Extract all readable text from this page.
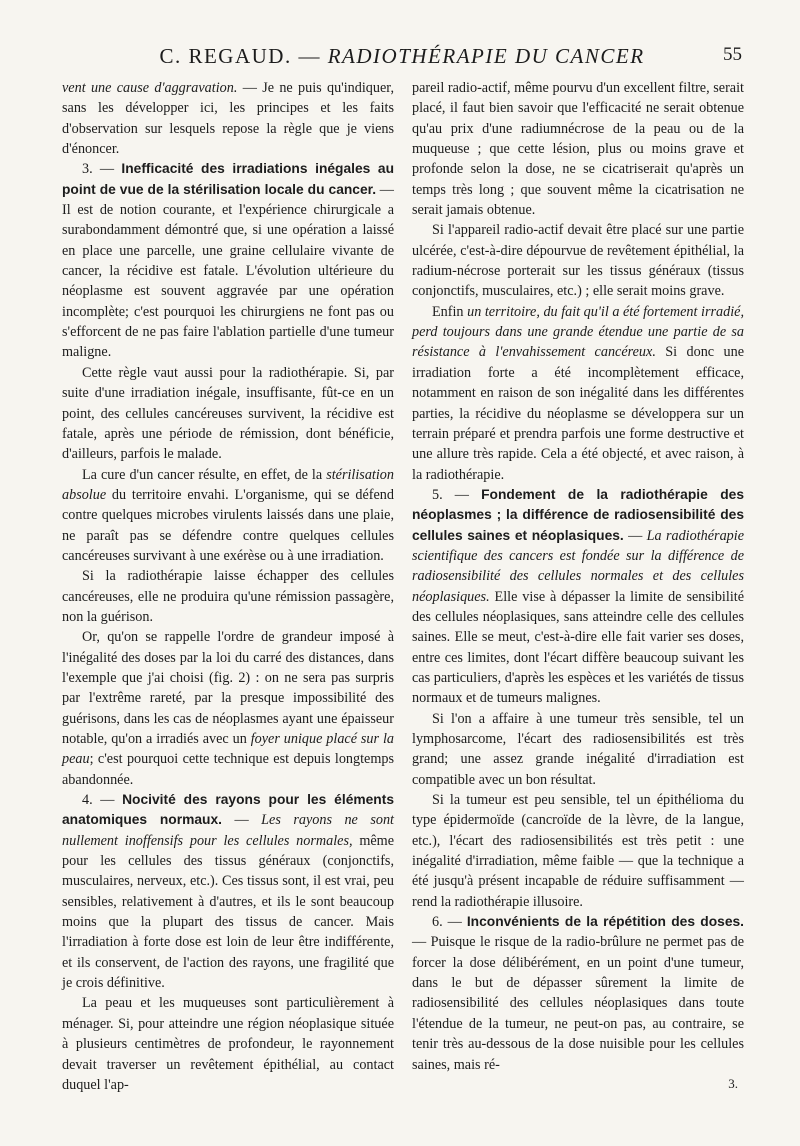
C. REGAUD. — RADIOTHÉRAPIE DU CANCER	55

vent une cause d'aggravation. — Je ne puis qu'indiquer, sans les développer ici, les principes et les faits d'observation sur lesquels repose la règle que je viens d'énoncer.

3. — Inefficacité des irradiations inégales au point de vue de la stérilisation locale du cancer. — Il est de notion courante, et l'expérience chirurgicale a surabondamment démontré que, si une opération a laissé en place une parcelle, une graine cellulaire vivante de cancer, la récidive est fatale. L'évolution ultérieure du néoplasme est souvent aggravée par une opération incomplète; c'est pourquoi les chirurgiens ne font pas ou s'efforcent de ne pas faire l'ablation partielle d'une tumeur maligne.

Cette règle vaut aussi pour la radiothérapie. Si, par suite d'une irradiation inégale, insuffisante, fût-ce en un point, des cellules cancéreuses survivent, la récidive est fatale, après une période de rémission, dont bénéficie, d'ailleurs, parfois le malade.

La cure d'un cancer résulte, en effet, de la stérilisation absolue du territoire envahi. L'organisme, qui se défend contre quelques microbes virulents laissés dans une plaie, ne paraît pas se défendre contre quelques cellules cancéreuses survivant à une exérèse ou à une irradiation.

Si la radiothérapie laisse échapper des cellules cancéreuses, elle ne produira qu'une rémission passagère, non la guérison.

Or, qu'on se rappelle l'ordre de grandeur imposé à l'inégalité des doses par la loi du carré des distances, dans l'exemple que j'ai choisi (fig. 2) : on ne sera pas surpris par l'extrême rareté, par la presque impossibilité des guérisons, dans les cas de néoplasmes ayant une épaisseur notable, qu'on a irradiés avec un foyer unique placé sur la peau; c'est pourquoi cette technique est depuis longtemps abandonnée.

4. — Nocivité des rayons pour les éléments anatomiques normaux. — Les rayons ne sont nullement inoffensifs pour les cellules normales, même pour les cellules des tissus généraux (conjonctifs, musculaires, nerveux, etc.). Ces tissus sont, il est vrai, peu sensibles, relativement à d'autres, et ils le sont beaucoup moins que la plupart des tissus de cancer. Mais l'irradiation à forte dose est loin de leur être indifférente, et ils conservent, de l'action des rayons, une fragilité que je crois définitive.

La peau et les muqueuses sont particulièrement à ménager. Si, pour atteindre une région néoplasique située à plusieurs centimètres de profondeur, le rayonnement devait traverser un revêtement épithélial, au contact duquel l'ap-

pareil radio-actif, même pourvu d'un excellent filtre, serait placé, il faut bien savoir que l'efficacité ne serait obtenue qu'au prix d'une radiumnécrose de la peau ou de la muqueuse ; que cette lésion, plus ou moins grave et profonde selon la dose, ne se cicatriserait qu'après un temps très long ; que souvent même la cicatrisation ne serait jamais obtenue.

Si l'appareil radio-actif devait être placé sur une partie ulcérée, c'est-à-dire dépourvue de revêtement épithélial, la radium-nécrose porterait sur les tissus généraux (tissus conjonctifs, musculaires, etc.) ; elle serait moins grave.

Enfin un territoire, du fait qu'il a été fortement irradié, perd toujours dans une grande étendue une partie de sa résistance à l'envahissement cancéreux. Si donc une irradiation forte a été incomplètement efficace, notamment en raison de son inégalité dans les différentes parties, la récidive du néoplasme se développera sur un terrain préparé et prendra parfois une forme destructive et une allure très rapide. Cela a été objecté, et avec raison, à la radiothérapie.

5. — Fondement de la radiothérapie des néoplasmes ; la différence de radiosensibilité des cellules saines et néoplasiques. — La radiothérapie scientifique des cancers est fondée sur la différence de radiosensibilité des cellules normales et des cellules néoplasiques. Elle vise à dépasser la limite de sensibilité des cellules néoplasiques, sans atteindre celle des cellules saines. Elle se meut, c'est-à-dire elle fait varier ses doses, entre ces limites, dont l'écart diffère beaucoup suivant les cas particuliers, d'après les espèces et les variétés de tissus normaux et de tumeurs malignes.

Si l'on a affaire à une tumeur très sensible, tel un lymphosarcome, l'écart des radiosensibilités est très grand; une assez grande inégalité d'irradiation est compatible avec un bon résultat.

Si la tumeur est peu sensible, tel un épithélioma du type épidermoïde (cancroïde de la lèvre, de la langue, etc.), l'écart des radiosensibilités est très petit : une inégalité d'irradiation, même faible — que la technique a été jusqu'à présent incapable de réduire suffisamment — rend la radiothérapie illusoire.

6. — Inconvénients de la répétition des doses. — Puisque le risque de la radio-brûlure ne permet pas de forcer la dose délibérément, en un point d'une tumeur, dans le but de dépasser sûrement la limite de radiosensibilité des cellules néoplasiques dans toute l'étendue de la tumeur, ne peut-on pas, au contraire, se tenir très au-dessous de la dose nuisible pour les cellules saines, mais ré-

3.
